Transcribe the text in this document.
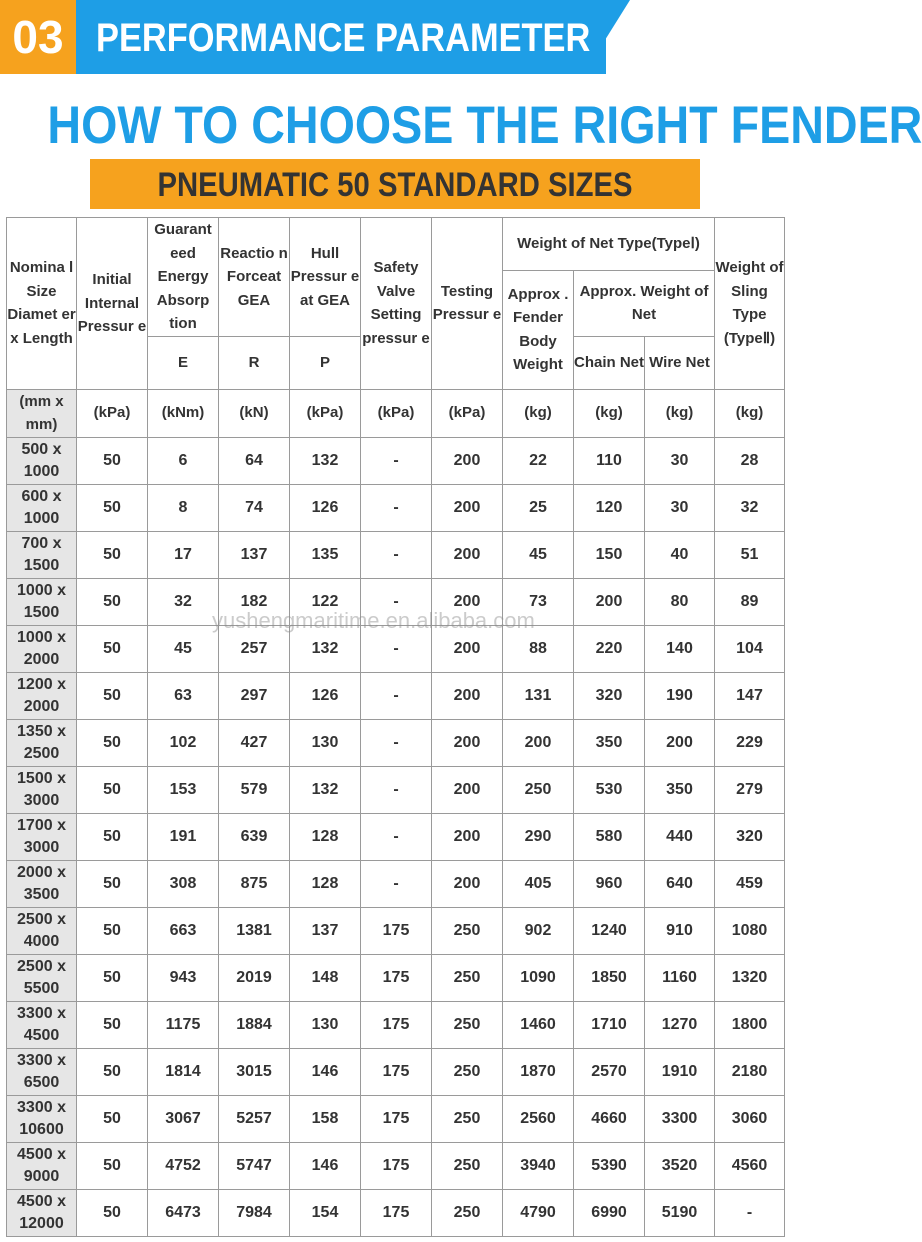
03 PERFORMANCE PARAMETER
HOW TO CHOOSE THE RIGHT FENDER
PNEUMATIC 50 STANDARD SIZES
Nomina l Size Diamet er x Length	Initial Internal Pressur e	Guarant eed Energy Absorp tion	Reactio n Forceat GEA	Hull Pressur e at GEA	Safety Valve Setting pressur e	Testing Pressur e	Weight of Net Type(TypeⅠ)			Weight of Sling Type (TypeⅡ)
							Approx . Fender Body Weight	Approx. Weight of Net		
		E	R	P				Chain Net	Wire Net	
(mm x mm)	(kPa)	(kNm)	(kN)	(kPa)	(kPa)	(kPa)	(kg)	(kg)	(kg)	(kg)
500 x 1000	50	6	64	132	-	200	22	110	30	28
600 x 1000	50	8	74	126	-	200	25	120	30	32
700 x 1500	50	17	137	135	-	200	45	150	40	51
1000 x 1500	50	32	182	122	-	200	73	200	80	89
1000 x 2000	50	45	257	132	-	200	88	220	140	104
1200 x 2000	50	63	297	126	-	200	131	320	190	147
1350 x 2500	50	102	427	130	-	200	200	350	200	229
1500 x 3000	50	153	579	132	-	200	250	530	350	279
1700 x 3000	50	191	639	128	-	200	290	580	440	320
2000 x 3500	50	308	875	128	-	200	405	960	640	459
2500 x 4000	50	663	1381	137	175	250	902	1240	910	1080
2500 x 5500	50	943	2019	148	175	250	1090	1850	1160	1320
3300 x 4500	50	1175	1884	130	175	250	1460	1710	1270	1800
3300 x 6500	50	1814	3015	146	175	250	1870	2570	1910	2180
3300 x 10600	50	3067	5257	158	175	250	2560	4660	3300	3060
4500 x 9000	50	4752	5747	146	175	250	3940	5390	3520	4560
4500 x 12000	50	6473	7984	154	175	250	4790	6990	5190	-
yushengmaritime.en.alibaba.com
